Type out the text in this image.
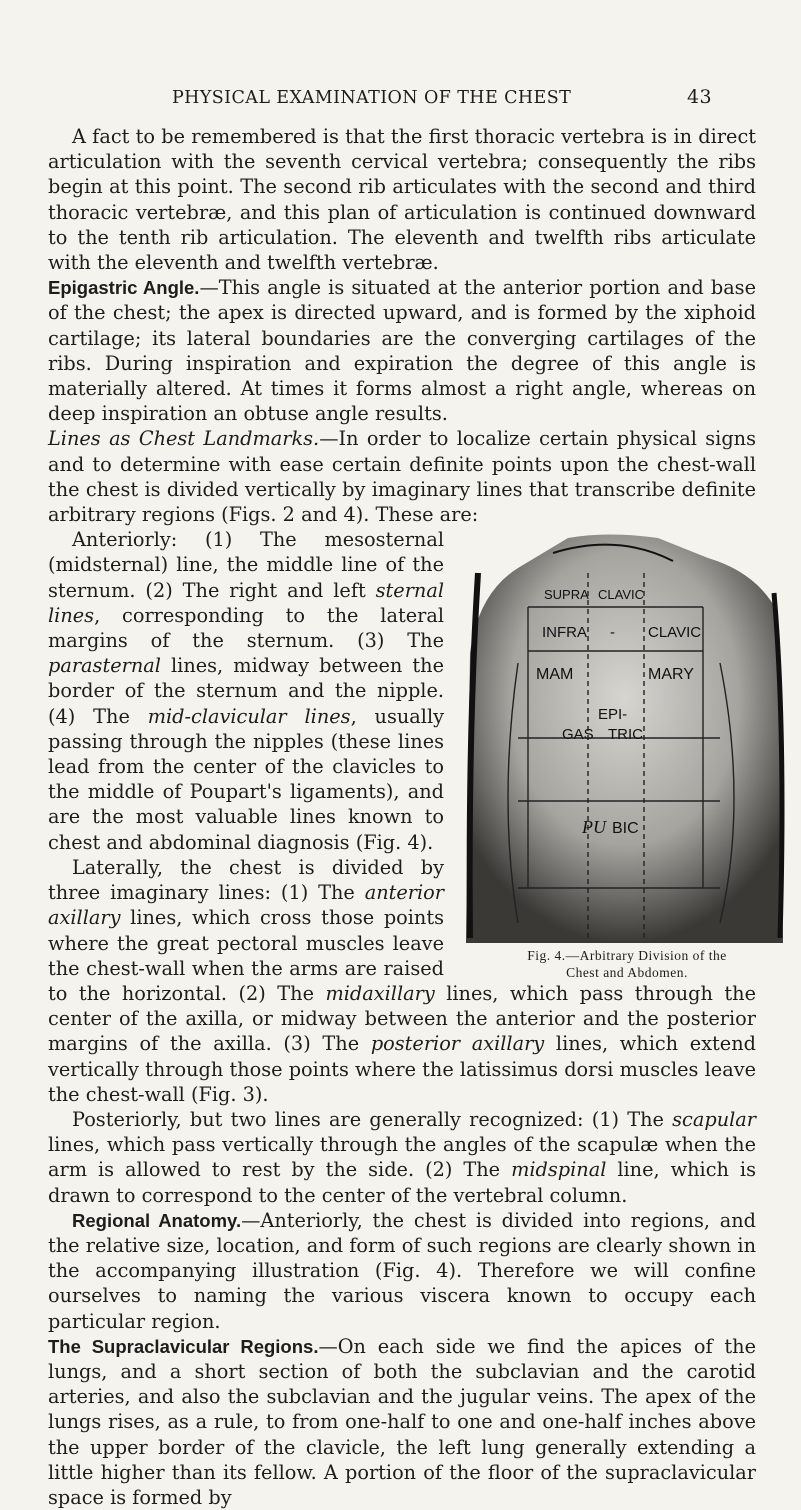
PHYSICAL EXAMINATION OF THE CHEST	43

A fact to be remembered is that the first thoracic vertebra is in direct articulation with the seventh cervical vertebra; consequently the ribs begin at this point. The second rib articulates with the second and third thoracic vertebræ, and this plan of articulation is continued downward to the tenth rib articulation. The eleventh and twelfth ribs articulate with the eleventh and twelfth vertebræ.

Epigastric Angle.—This angle is situated at the anterior portion and base of the chest; the apex is directed upward, and is formed by the xiphoid cartilage; its lateral boundaries are the converging cartilages of the ribs. During inspiration and expiration the degree of this angle is materially altered. At times it forms almost a right angle, whereas on deep inspiration an obtuse angle results.

Lines as Chest Landmarks.—In order to localize certain physical signs and to determine with ease certain definite points upon the chest-wall the chest is divided vertically by imaginary lines that transcribe definite arbitrary regions (Figs. 2 and 4). These are:

SUPRA CLAVIC
INFRA - CLAVIC
MAM	MARY
EPI-
GAS TRIC
PU BIC
Fig. 4.—Arbitrary Division of the
Chest and Abdomen.

Anteriorly: (1) The mesosternal (midsternal) line, the middle line of the sternum. (2) The right and left sternal lines, corresponding to the lateral margins of the sternum. (3) The parasternal lines, midway between the border of the sternum and the nipple. (4) The mid-clavicular lines, usually passing through the nipples (these lines lead from the center of the clavicles to the middle of Poupart's ligaments), and are the most valuable lines known to chest and abdominal diagnosis (Fig. 4).

Laterally, the chest is divided by three imaginary lines: (1) The anterior axillary lines, which cross those points where the great pectoral muscles leave the chest-wall when the arms are raised to the horizontal. (2) The midaxillary lines, which pass through the center of the axilla, or midway between the anterior and the posterior margins of the axilla. (3) The posterior axillary lines, which extend vertically through those points where the latissimus dorsi muscles leave the chest-wall (Fig. 3).

Posteriorly, but two lines are generally recognized: (1) The scapular lines, which pass vertically through the angles of the scapulæ when the arm is allowed to rest by the side. (2) The midspinal line, which is drawn to correspond to the center of the vertebral column.

Regional Anatomy.—Anteriorly, the chest is divided into regions, and the relative size, location, and form of such regions are clearly shown in the accompanying illustration (Fig. 4). Therefore we will confine ourselves to naming the various viscera known to occupy each particular region.

The Supraclavicular Regions.—On each side we find the apices of the lungs, and a short section of both the subclavian and the carotid arteries, and also the subclavian and the jugular veins. The apex of the lungs rises, as a rule, to from one-half to one and one-half inches above the upper border of the clavicle, the left lung generally extending a little higher than its fellow. A portion of the floor of the supraclavicular space is formed by
